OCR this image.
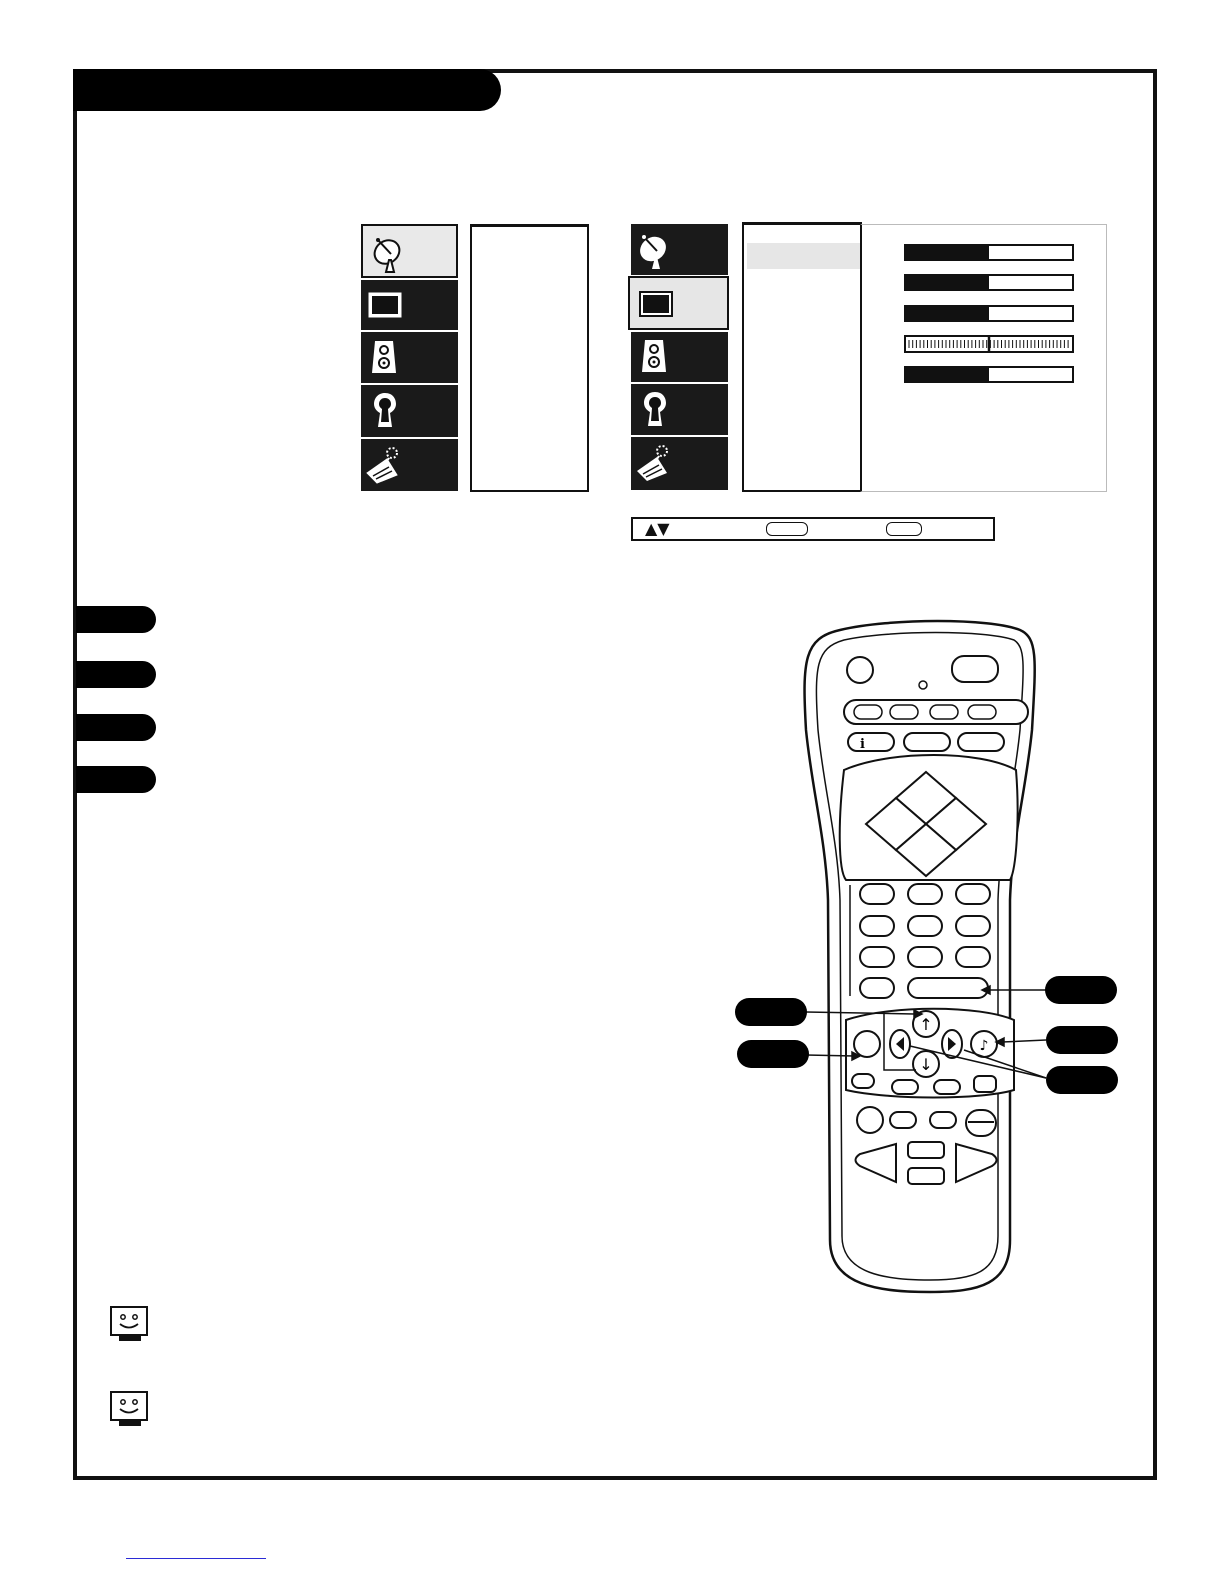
▲▼
i
↑
↓
♪
